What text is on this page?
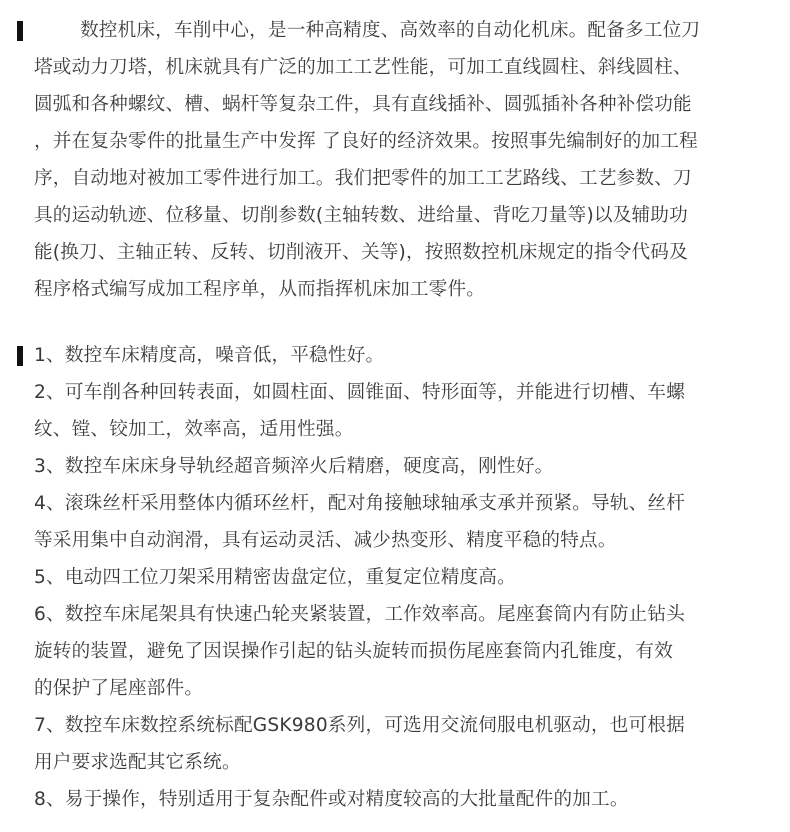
数控机床，车削中心，是一种高精度、高效率的自动化机床。配备多工位刀
塔或动力刀塔，机床就具有广泛的加工工艺性能，可加工直线圆柱、斜线圆柱、
圆弧和各种螺纹、槽、蜗杆等复杂工件，具有直线插补、圆弧插补各种补偿功能
，并在复杂零件的批量生产中发挥 了良好的经济效果。按照事先编制好的加工程
序，自动地对被加工零件进行加工。我们把零件的加工工艺路线、工艺参数、刀
具的运动轨迹、位移量、切削参数(主轴转数、进给量、背吃刀量等)以及辅助功
能(换刀、主轴正转、反转、切削液开、关等)，按照数控机床规定的指令代码及
程序格式编写成加工程序单，从而指挥机床加工零件。
1、数控车床精度高，噪音低，平稳性好。
2、可车削各种回转表面，如圆柱面、圆锥面、特形面等，并能进行切槽、车螺
纹、镗、铰加工，效率高，适用性强。
3、数控车床床身导轨经超音频淬火后精磨，硬度高，刚性好。
4、滚珠丝杆采用整体内循环丝杆，配对角接触球轴承支承并预紧。导轨、丝杆
等采用集中自动润滑，具有运动灵活、减少热变形、精度平稳的特点。
5、电动四工位刀架采用精密齿盘定位，重复定位精度高。
6、数控车床尾架具有快速凸轮夹紧装置，工作效率高。尾座套筒内有防止钻头
旋转的装置，避免了因误操作引起的钻头旋转而损伤尾座套筒内孔锥度，有效
的保护了尾座部件。
7、数控车床数控系统标配GSK980系列，可选用交流伺服电机驱动，也可根据
用户要求选配其它系统。
8、易于操作，特别适用于复杂配件或对精度较高的大批量配件的加工。
